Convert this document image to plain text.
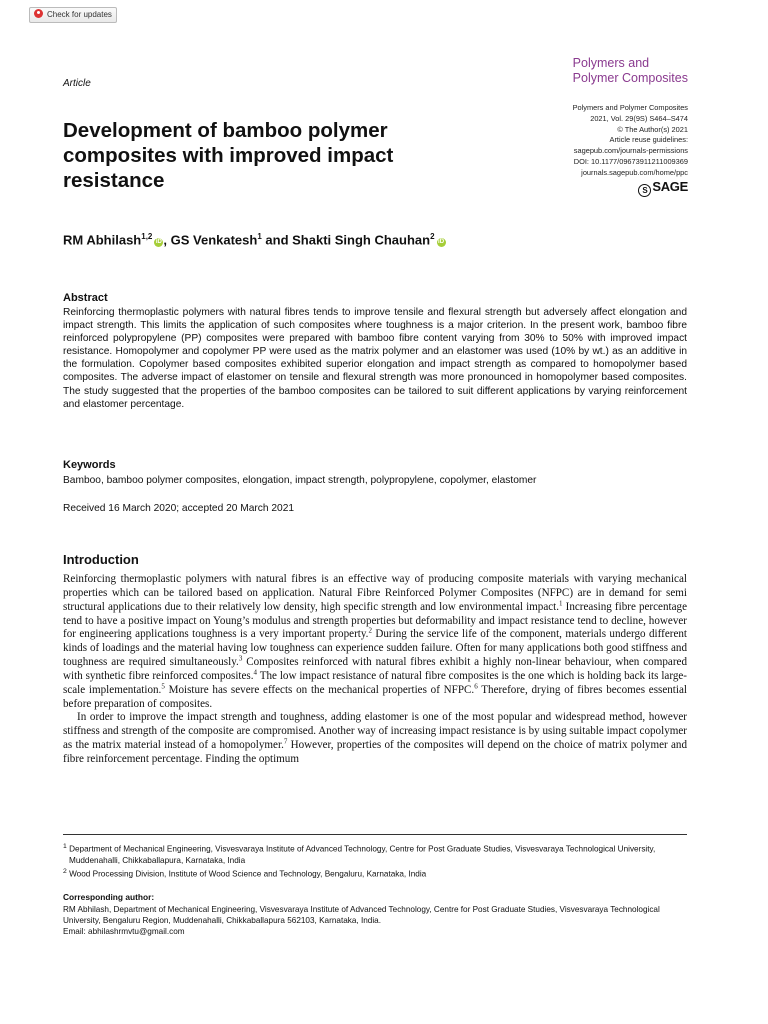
Check for updates
Polymers and
Polymer Composites
Article
Polymers and Polymer Composites
2021, Vol. 29(9S) S464–S474
© The Author(s) 2021
Article reuse guidelines:
sagepub.com/journals-permissions
DOI: 10.1177/09673911211009369
journals.sagepub.com/home/ppc
S SAGE
Development of bamboo polymer composites with improved impact resistance
RM Abhilash$^{1,2}$iD , GS Venkatesh$^1$ and Shakti Singh Chauhan$^2$iD
Abstract
Reinforcing thermoplastic polymers with natural fibres tends to improve tensile and flexural strength but adversely affect elongation and impact strength. This limits the application of such composites where toughness is a major criterion. In the present work, bamboo fibre reinforced polypropylene (PP) composites were prepared with bamboo fibre content varying from 30% to 50% with improved impact resistance. Homopolymer and copolymer PP were used as the matrix polymer and an elastomer was used (10% by wt.) as an additive in the formulation. Copolymer based composites exhibited superior elongation and impact strength as compared to homopolymer based composites. The adverse impact of elastomer on tensile and flexural strength was more pronounced in homopolymer based composites. The study suggested that the properties of the bamboo composites can be tailored to suit different applications by varying reinforcement and elastomer percentage.
Keywords
Bamboo, bamboo polymer composites, elongation, impact strength, polypropylene, copolymer, elastomer
Received 16 March 2020; accepted 20 March 2021
Introduction

Reinforcing thermoplastic polymers with natural fibres is an effective way of producing composite materials with varying mechanical properties which can be tailored based on application. Natural Fibre Reinforced Polymer Composites (NFPC) are in demand for semi structural applications due to their relatively low density, high specific strength and low environmental impact.$^1$ Increasing fibre percentage tend to have a positive impact on Young’s modulus and strength properties but deformability and impact resistance tend to decline, however for engineering applications toughness is a very important property.$^2$ During the service life of the component, materials undergo different kinds of loadings and the material having low toughness can experience sudden failure. Often for many applications both good stiffness and toughness are required simultaneously.$^3$ Composites reinforced with natural fibres exhibit a highly non-linear behaviour, when compared with synthetic fibre reinforced composites.$^4$ The low impact resistance of natural fibre composites is the one which is holding back its large-scale implementation.$^5$ Moisture has severe effects on the mechanical properties of NFPC.$^6$ Therefore, drying of fibres becomes essential before preparation of composites.

In order to improve the impact strength and toughness, adding elastomer is one of the most popular and widespread method, however stiffness and strength of the composite are compromised. Another way of increasing impact resistance is by using suitable impact copolymer as the matrix material instead of a homopolymer.$^7$ However, properties of the composites will depend on the choice of matrix polymer and fibre reinforcement percentage. Finding the optimum

$^1$ Department of Mechanical Engineering, Visvesvaraya Institute of Advanced Technology, Centre for Post Graduate Studies, Visvesvaraya Technological University, Muddenahalli, Chikkaballapura, Karnataka, India
$^2$ Wood Processing Division, Institute of Wood Science and Technology, Bengaluru, Karnataka, India
Corresponding author:
RM Abhilash, Department of Mechanical Engineering, Visvesvaraya Institute of Advanced Technology, Centre for Post Graduate Studies, Visvesvaraya Technological University, Bengaluru Region, Muddenahalli, Chikkaballapura 562103, Karnataka, India.
Email: abhilashrmvtu@gmail.com
